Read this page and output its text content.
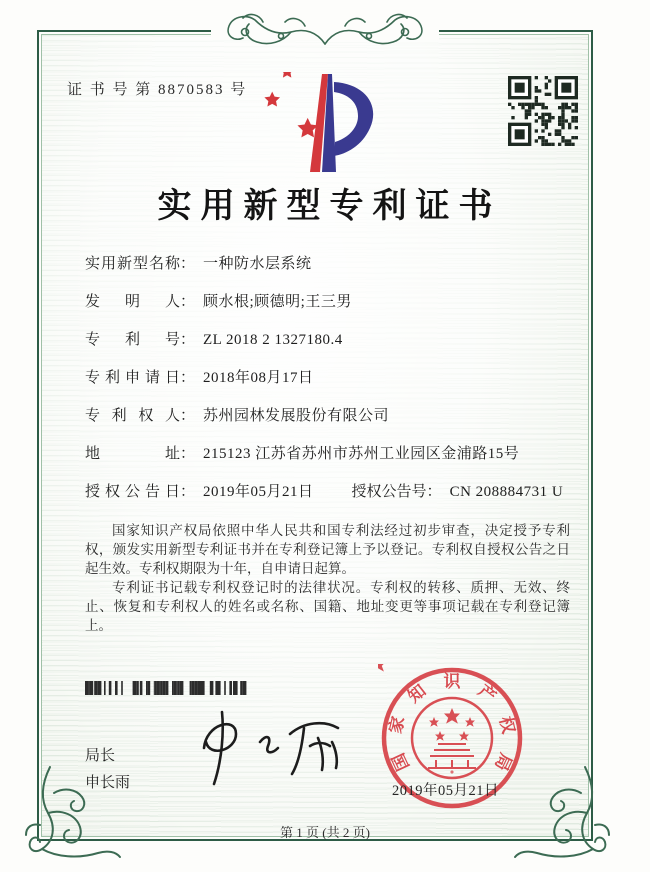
证 书 号 第 8870583 号
实用新型专利证书
实用新型名称： 一种防水层系统
发明人： 顾水根;顾德明;王三男
专利号： ZL 2018 2 1327180.4
专利申请日： 2018年08月17日
专利权人： 苏州园林发展股份有限公司
地址： 215123 江苏省苏州市苏州工业园区金浦路15号
授权公告日： 2019年05月21日	授权公告号： CN 208884731 U

国家知识产权局依照中华人民共和国专利法经过初步审查，决定授予专利权，颁发实用新型专利证书并在专利登记簿上予以登记。专利权自授权公告之日起生效。专利权期限为十年，自申请日起算。

专利证书记载专利权登记时的法律状况。专利权的转移、质押、无效、终止、恢复和专利权人的姓名或名称、国籍、地址变更等事项记载在专利登记簿上。

局长
申长雨
国
家
知 识 产
权
局
2019年05月21日
第 1 页 (共 2 页)
